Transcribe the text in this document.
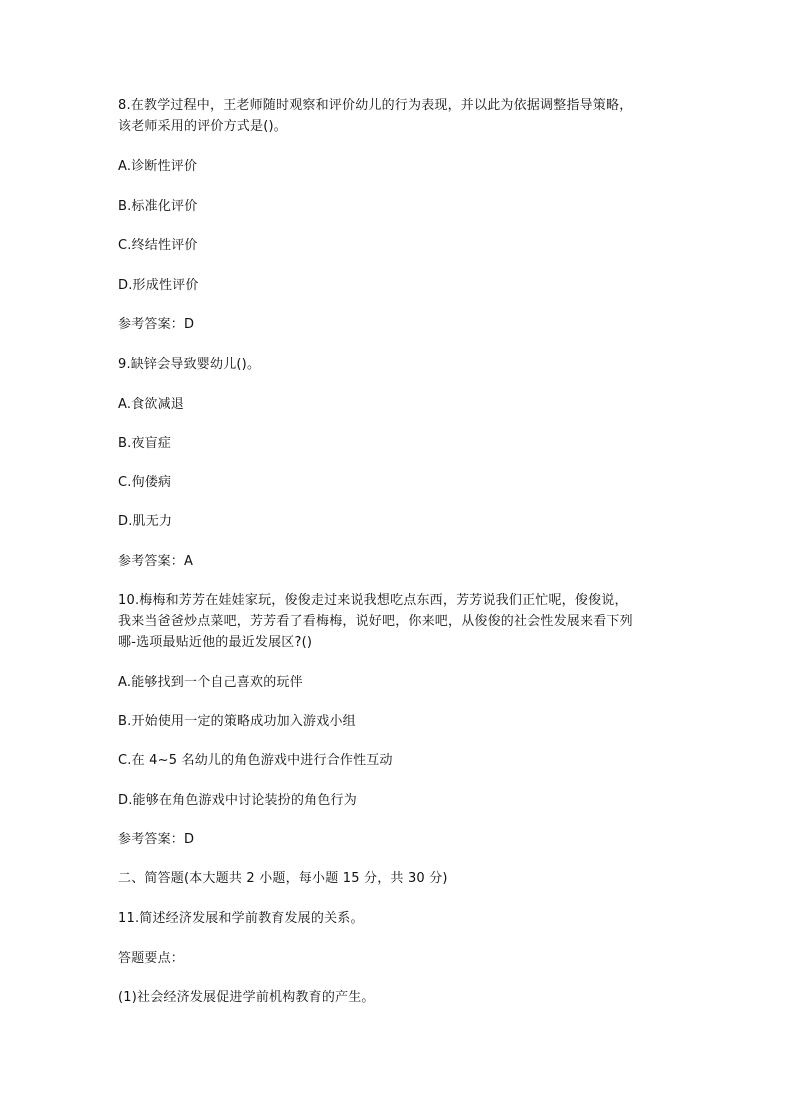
8.在教学过程中，王老师随时观察和评价幼儿的行为表现，并以此为依据调整指导策略，
该老师采用的评价方式是()。
A.诊断性评价
B.标准化评价
C.终结性评价
D.形成性评价
参考答案：D
9.缺锌会导致婴幼儿()。
A.食欲减退
B.夜盲症
C.佝偻病
D.肌无力
参考答案：A
10.梅梅和芳芳在娃娃家玩，俊俊走过来说我想吃点东西，芳芳说我们正忙呢，俊俊说，
我来当爸爸炒点菜吧，芳芳看了看梅梅，说好吧，你来吧，从俊俊的社会性发展来看下列
哪-选项最贴近他的最近发展区?()
A.能够找到一个自己喜欢的玩伴
B.开始使用一定的策略成功加入游戏小组
C.在 4~5 名幼儿的角色游戏中进行合作性互动
D.能够在角色游戏中讨论装扮的角色行为
参考答案：D
二、简答题(本大题共 2 小题，每小题 15 分，共 30 分)
11.简述经济发展和学前教育发展的关系。
答题要点：
(1)社会经济发展促进学前机构教育的产生。
